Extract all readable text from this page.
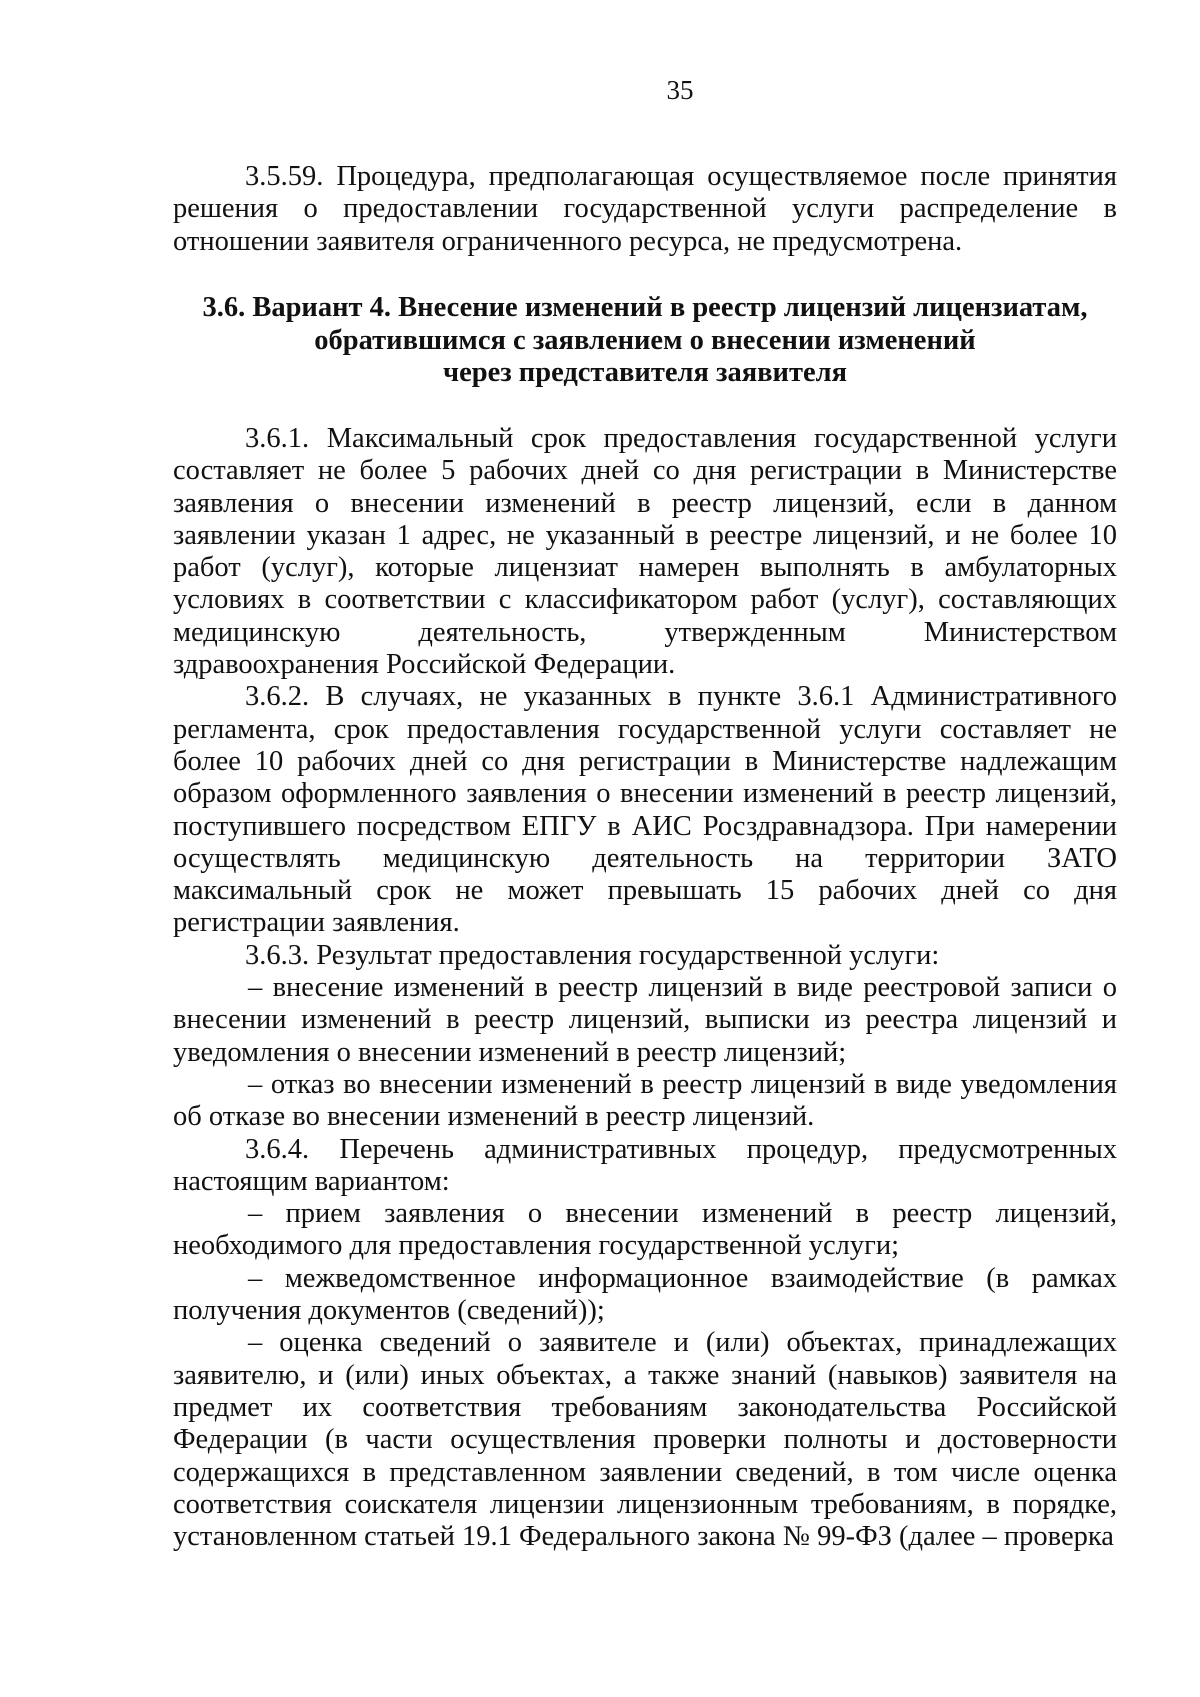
35

3.5.59. Процедура, предполагающая осуществляемое после принятия решения о предоставлении государственной услуги распределение в отношении заявителя ограниченного ресурса, не предусмотрена.

3.6. Вариант 4. Внесение изменений в реестр лицензий лицензиатам,
обратившимся с заявлением о внесении изменений
через представителя заявителя

3.6.1. Максимальный срок предоставления государственной услуги составляет не более 5 рабочих дней со дня регистрации в Министерстве заявления о внесении изменений в реестр лицензий, если в данном заявлении указан 1 адрес, не указанный в реестре лицензий, и не более 10 работ (услуг), которые лицензиат намерен выполнять в амбулаторных условиях в соответствии с классификатором работ (услуг), составляющих медицинскую деятельность, утвержденным Министерством здравоохранения Российской Федерации.

3.6.2. В случаях, не указанных в пункте 3.6.1 Административного регламента, срок предоставления государственной услуги составляет не более 10 рабочих дней со дня регистрации в Министерстве надлежащим образом оформленного заявления о внесении изменений в реестр лицензий, поступившего посредством ЕПГУ в АИС Росздравнадзора. При намерении осуществлять медицинскую деятельность на территории ЗАТО максимальный срок не может превышать 15 рабочих дней со дня регистрации заявления.

3.6.3. Результат предоставления государственной услуги:

– внесение изменений в реестр лицензий в виде реестровой записи о внесении изменений в реестр лицензий, выписки из реестра лицензий и уведомления о внесении изменений в реестр лицензий;

– отказ во внесении изменений в реестр лицензий в виде уведомления об отказе во внесении изменений в реестр лицензий.

3.6.4. Перечень административных процедур, предусмотренных настоящим вариантом:

– прием заявления о внесении изменений в реестр лицензий, необходимого для предоставления государственной услуги;

– межведомственное информационное взаимодействие (в рамках получения документов (сведений));

– оценка сведений о заявителе и (или) объектах, принадлежащих заявителю, и (или) иных объектах, а также знаний (навыков) заявителя на предмет их соответствия требованиям законодательства Российской Федерации (в части осуществления проверки полноты и достоверности содержащихся в представленном заявлении сведений, в том числе оценка соответствия соискателя лицензии лицензионным требованиям, в порядке, установленном статьей 19.1 Федерального закона № 99-ФЗ (далее – проверка
